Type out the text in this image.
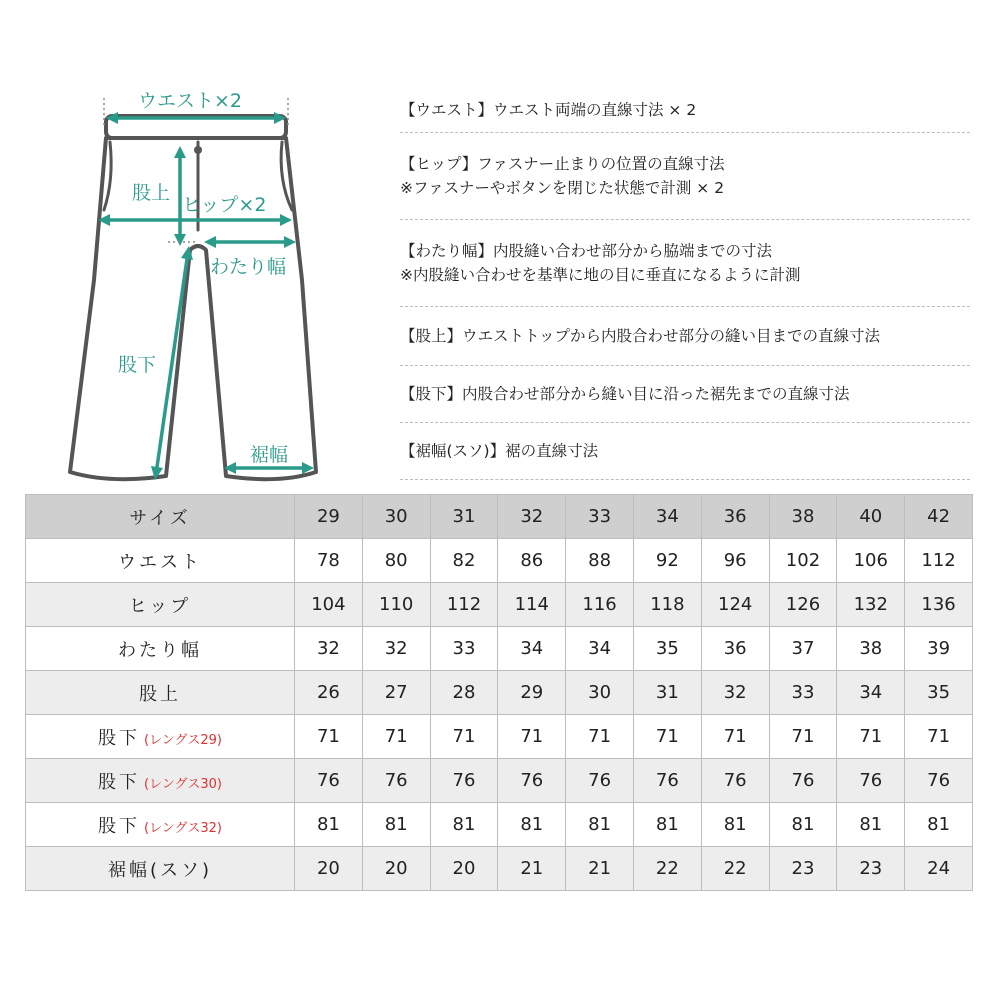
ウエスト×2
股上
ヒップ×2
わたり幅
股下
裾幅
【ウエスト】ウエスト両端の直線寸法 × 2
【ヒップ】ファスナー止まりの位置の直線寸法
※ファスナーやボタンを閉じた状態で計測 × 2
【わたり幅】内股縫い合わせ部分から脇端までの寸法
※内股縫い合わせを基準に地の目に垂直になるように計測
【股上】ウエストトップから内股合わせ部分の縫い目までの直線寸法
【股下】内股合わせ部分から縫い目に沿った裾先までの直線寸法
【裾幅(スソ)】裾の直線寸法
サイズ	29	30	31	32	33	34	36	38	40	42
ウエスト	78	80	82	86	88	92	96	102	106	112
ヒップ	104	110	112	114	116	118	124	126	132	136
わたり幅	32	32	33	34	34	35	36	37	38	39
股上	26	27	28	29	30	31	32	33	34	35
股下 (レングス29)	71	71	71	71	71	71	71	71	71	71
股下 (レングス30)	76	76	76	76	76	76	76	76	76	76
股下 (レングス32)	81	81	81	81	81	81	81	81	81	81
裾幅(スソ)	20	20	20	21	21	22	22	23	23	24
